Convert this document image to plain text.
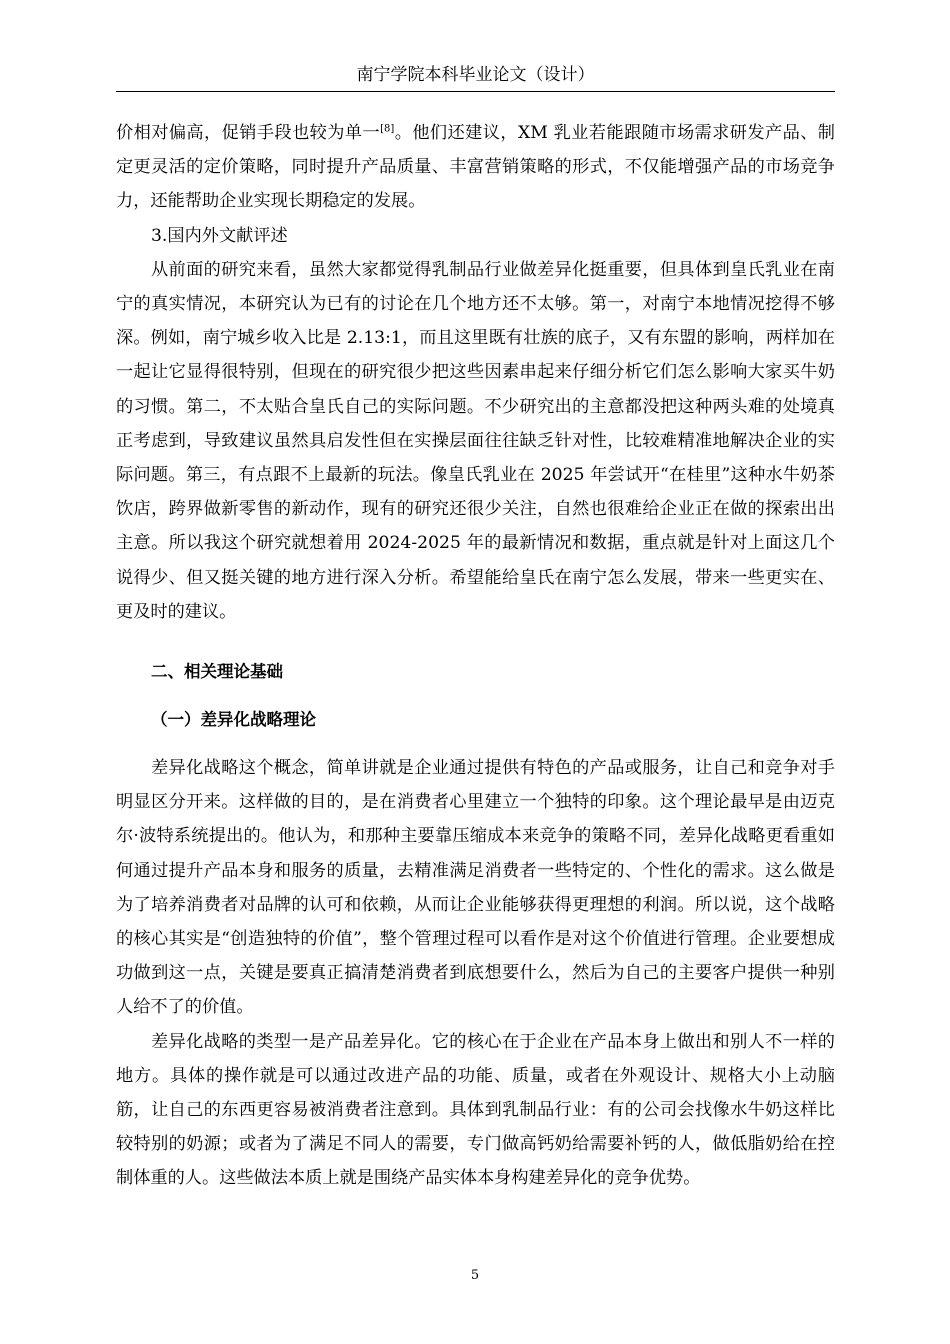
南宁学院本科毕业论文（设计）

价相对偏高，促销手段也较为单一[8]。他们还建议，XM 乳业若能跟随市场需求研发产品、制定更灵活的定价策略，同时提升产品质量、丰富营销策略的形式，不仅能增强产品的市场竞争力，还能帮助企业实现长期稳定的发展。

3.国内外文献评述

从前面的研究来看，虽然大家都觉得乳制品行业做差异化挺重要，但具体到皇氏乳业在南宁的真实情况，本研究认为已有的讨论在几个地方还不太够。第一，对南宁本地情况挖得不够深。例如，南宁城乡收入比是 2.13:1，而且这里既有壮族的底子，又有东盟的影响，两样加在一起让它显得很特别，但现在的研究很少把这些因素串起来仔细分析它们怎么影响大家买牛奶的习惯。第二，不太贴合皇氏自己的实际问题。不少研究出的主意都没把这种两头难的处境真正考虑到，导致建议虽然具启发性但在实操层面往往缺乏针对性，比较难精准地解决企业的实际问题。第三，有点跟不上最新的玩法。像皇氏乳业在 2025 年尝试开“在桂里”这种水牛奶茶饮店，跨界做新零售的新动作，现有的研究还很少关注，自然也很难给企业正在做的探索出出主意。所以我这个研究就想着用 2024-2025 年的最新情况和数据，重点就是针对上面这几个说得少、但又挺关键的地方进行深入分析。希望能给皇氏在南宁怎么发展，带来一些更实在、更及时的建议。

二、相关理论基础
（一）差异化战略理论

差异化战略这个概念，简单讲就是企业通过提供有特色的产品或服务，让自己和竞争对手明显区分开来。这样做的目的，是在消费者心里建立一个独特的印象。这个理论最早是由迈克尔·波特系统提出的。他认为，和那种主要靠压缩成本来竞争的策略不同，差异化战略更看重如何通过提升产品本身和服务的质量，去精准满足消费者一些特定的、个性化的需求。这么做是为了培养消费者对品牌的认可和依赖，从而让企业能够获得更理想的利润。所以说，这个战略的核心其实是“创造独特的价值”，整个管理过程可以看作是对这个价值进行管理。企业要想成功做到这一点，关键是要真正搞清楚消费者到底想要什么，然后为自己的主要客户提供一种别人给不了的价值。

差异化战略的类型一是产品差异化。它的核心在于企业在产品本身上做出和别人不一样的地方。具体的操作就是可以通过改进产品的功能、质量，或者在外观设计、规格大小上动脑筋，让自己的东西更容易被消费者注意到。具体到乳制品行业：有的公司会找像水牛奶这样比较特别的奶源；或者为了满足不同人的需要，专门做高钙奶给需要补钙的人，做低脂奶给在控制体重的人。这些做法本质上就是围绕产品实体本身构建差异化的竞争优势。

5
